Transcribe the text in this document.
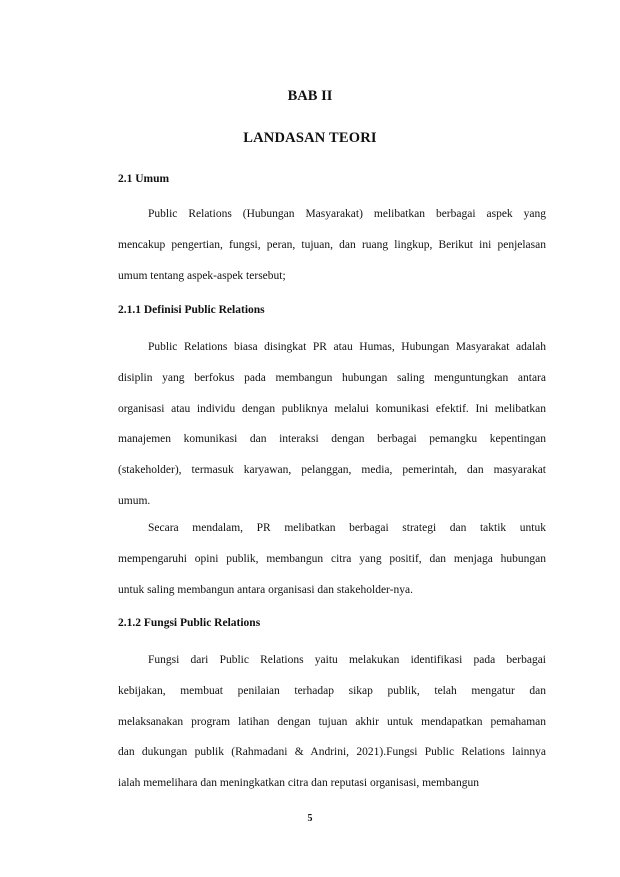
BAB II
LANDASAN TEORI
2.1 Umum
Public Relations (Hubungan Masyarakat) melibatkan berbagai aspek yang
mencakup pengertian, fungsi, peran, tujuan, dan ruang lingkup, Berikut ini penjelasan
umum tentang aspek-aspek tersebut;
2.1.1 Definisi Public Relations
Public Relations biasa disingkat PR atau Humas, Hubungan Masyarakat adalah
disiplin yang berfokus pada membangun hubungan saling menguntungkan antara
organisasi atau individu dengan publiknya melalui komunikasi efektif. Ini melibatkan
manajemen komunikasi dan interaksi dengan berbagai pemangku kepentingan
(stakeholder), termasuk karyawan, pelanggan, media, pemerintah, dan masyarakat
umum.
Secara mendalam, PR melibatkan berbagai strategi dan taktik untuk
mempengaruhi opini publik, membangun citra yang positif, dan menjaga hubungan
untuk saling membangun antara organisasi dan stakeholder-nya.
2.1.2 Fungsi Public Relations
Fungsi dari Public Relations yaitu melakukan identifikasi pada berbagai
kebijakan, membuat penilaian terhadap sikap publik, telah mengatur dan
melaksanakan program latihan dengan tujuan akhir untuk mendapatkan pemahaman
dan dukungan publik (Rahmadani & Andrini, 2021).Fungsi Public Relations lainnya
ialah memelihara dan meningkatkan citra dan reputasi organisasi, membangun
5
